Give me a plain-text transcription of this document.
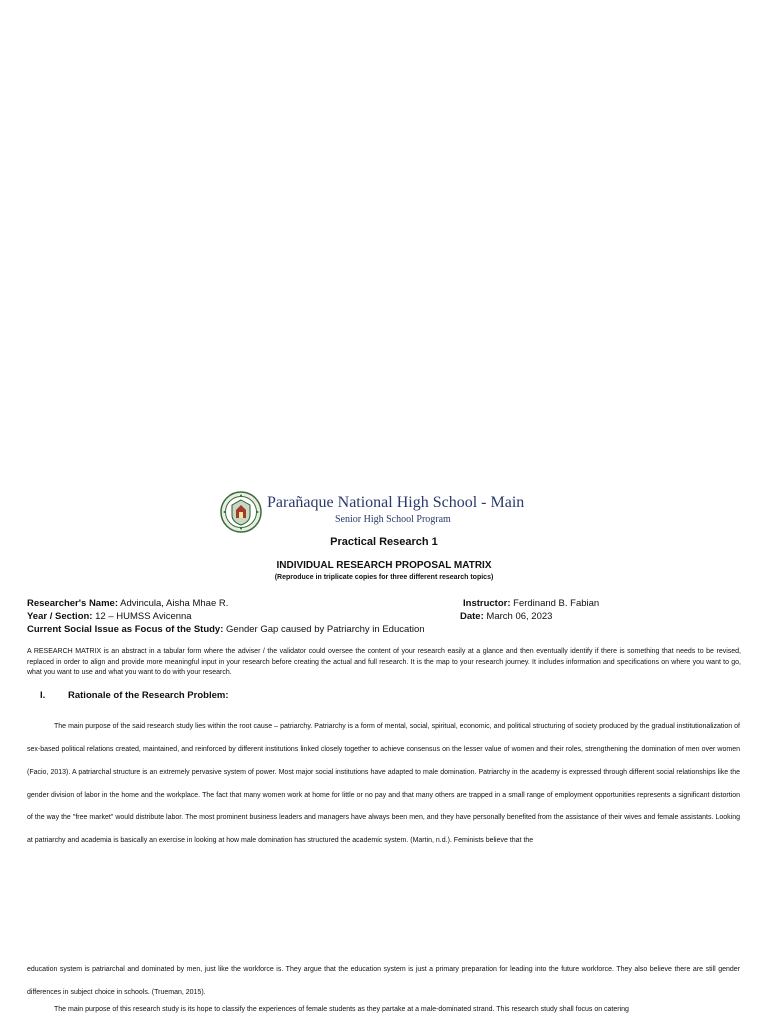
Parañaque National High School - Main
Senior High School Program
Practical Research 1
INDIVIDUAL RESEARCH PROPOSAL MATRIX
(Reproduce in triplicate copies for three different research topics)
Researcher's Name: Advincula, Aisha Mhae R.	Instructor: Ferdinand B. Fabian
Year / Section: 12 – HUMSS Avicenna	Date: March 06, 2023
Current Social Issue as Focus of the Study: Gender Gap caused by Patriarchy in Education
A RESEARCH MATRIX is an abstract in a tabular form where the adviser / the validator could oversee the content of your research easily at a glance and then eventually identify if there is something that needs to be revised, replaced in order to align and provide more meaningful input in your research before creating the actual and full research. It is the map to your research journey. It includes information and specifications on where you want to go, what you want to use and what you want to do with your research.
I. Rationale of the Research Problem:
The main purpose of the said research study lies within the root cause – patriarchy. Patriarchy is a form of mental, social, spiritual, economic, and political structuring of society produced by the gradual institutionalization of sex-based political relations created, maintained, and reinforced by different institutions linked closely together to achieve consensus on the lesser value of women and their roles, strengthening the domination of men over women (Facio, 2013). A patriarchal structure is an extremely pervasive system of power. Most major social institutions have adapted to male domination. Patriarchy in the academy is expressed through different social relationships like the gender division of labor in the home and the workplace. The fact that many women work at home for little or no pay and that many others are trapped in a small range of employment opportunities represents a significant distortion of the way the "free market" would distribute labor. The most prominent business leaders and managers have always been men, and they have personally benefited from the assistance of their wives and female assistants. Looking at patriarchy and academia is basically an exercise in looking at how male domination has structured the academic system. (Martin, n.d.). Feminists believe that the
education system is patriarchal and dominated by men, just like the workforce is. They argue that the education system is just a primary preparation for leading into the future workforce. They also believe there are still gender differences in subject choice in schools. (Trueman, 2015).
The main purpose of this research study is its hope to classify the experiences of female students as they partake at a male-dominated strand. This research study shall focus on catering
